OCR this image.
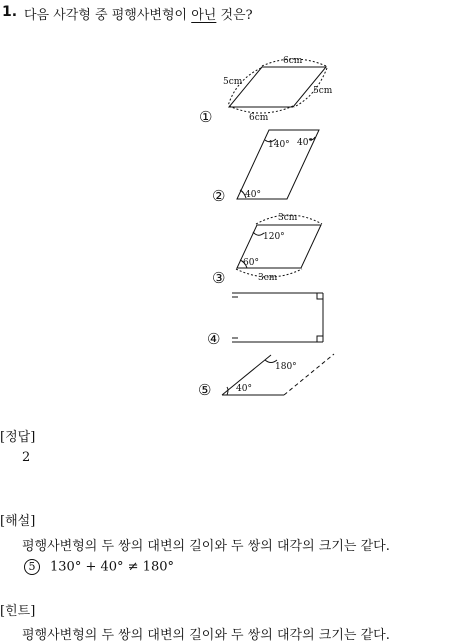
1. 다음 사각형 중 평행사변형이 아닌 것은?
6cm
5cm
5cm
6cm
140° 40°
40°
3cm
120°
60°
3cm
180°
40°
①
②
③
④
⑤
[정답]
2
[해설]
평행사변형의 두 쌍의 대변의 길이와 두 쌍의 대각의 크기는 같다.
5 130° + 40° ≠ 180°
[힌트]
평행사변형의 두 쌍의 대변의 길이와 두 쌍의 대각의 크기는 같다.
